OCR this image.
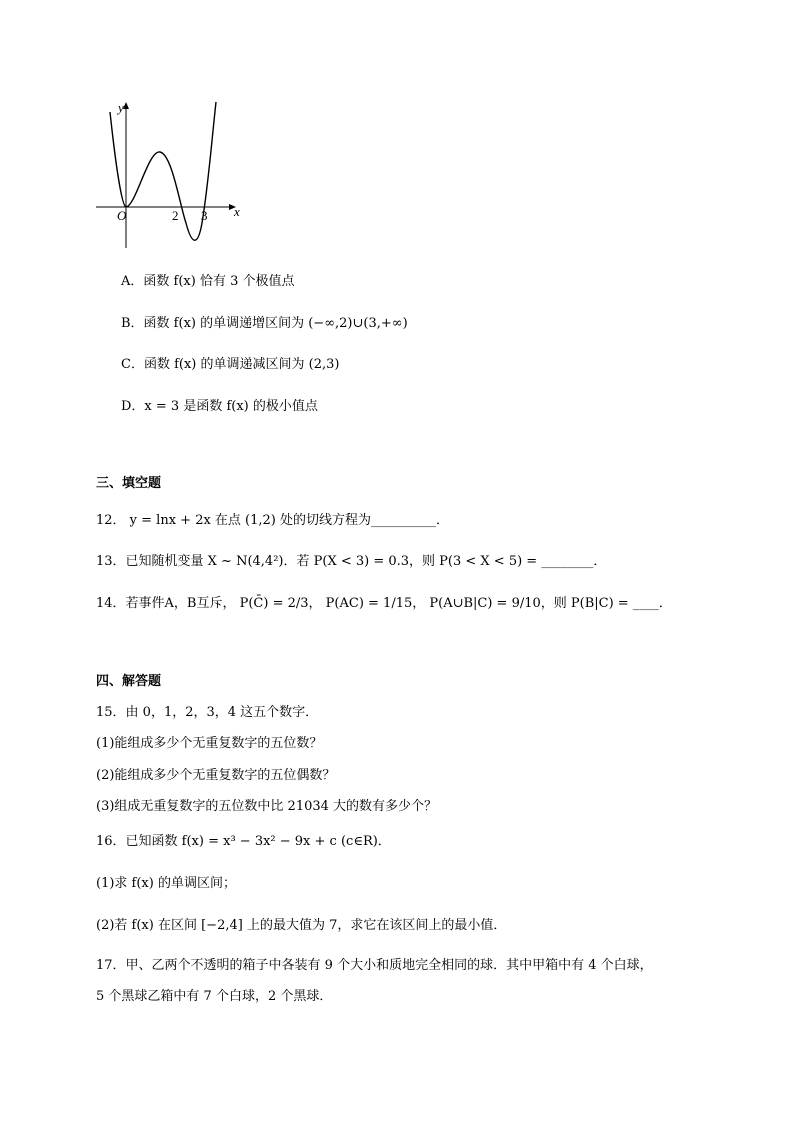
y
x
O	2 3
A．函数 f(x) 恰有 3 个极值点
B．函数 f(x) 的单调递增区间为 (−∞,2)∪(3,+∞)
C．函数 f(x) 的单调递减区间为 (2,3)
D．x = 3 是函数 f(x) 的极小值点
三、填空题
12． y = lnx + 2x 在点 (1,2) 处的切线方程为__________．
13．已知随机变量 X ~ N(4,4²)．若 P(X < 3) = 0.3，则 P(3 < X < 5) = ________．
14．若事件A，B互斥， P(C̄) = 2/3， P(AC) = 1/15， P(A∪B|C) = 9/10，则 P(B|C) = ____．
四、解答题
15．由 0，1，2，3，4 这五个数字．
(1)能组成多少个无重复数字的五位数？
(2)能组成多少个无重复数字的五位偶数？
(3)组成无重复数字的五位数中比 21034 大的数有多少个？
16．已知函数 f(x) = x³ − 3x² − 9x + c (c∈R)．
(1)求 f(x) 的单调区间；
(2)若 f(x) 在区间 [−2,4] 上的最大值为 7，求它在该区间上的最小值．
17．甲、乙两个不透明的箱子中各装有 9 个大小和质地完全相同的球．其中甲箱中有 4 个白球，
5 个黑球乙箱中有 7 个白球，2 个黑球．
